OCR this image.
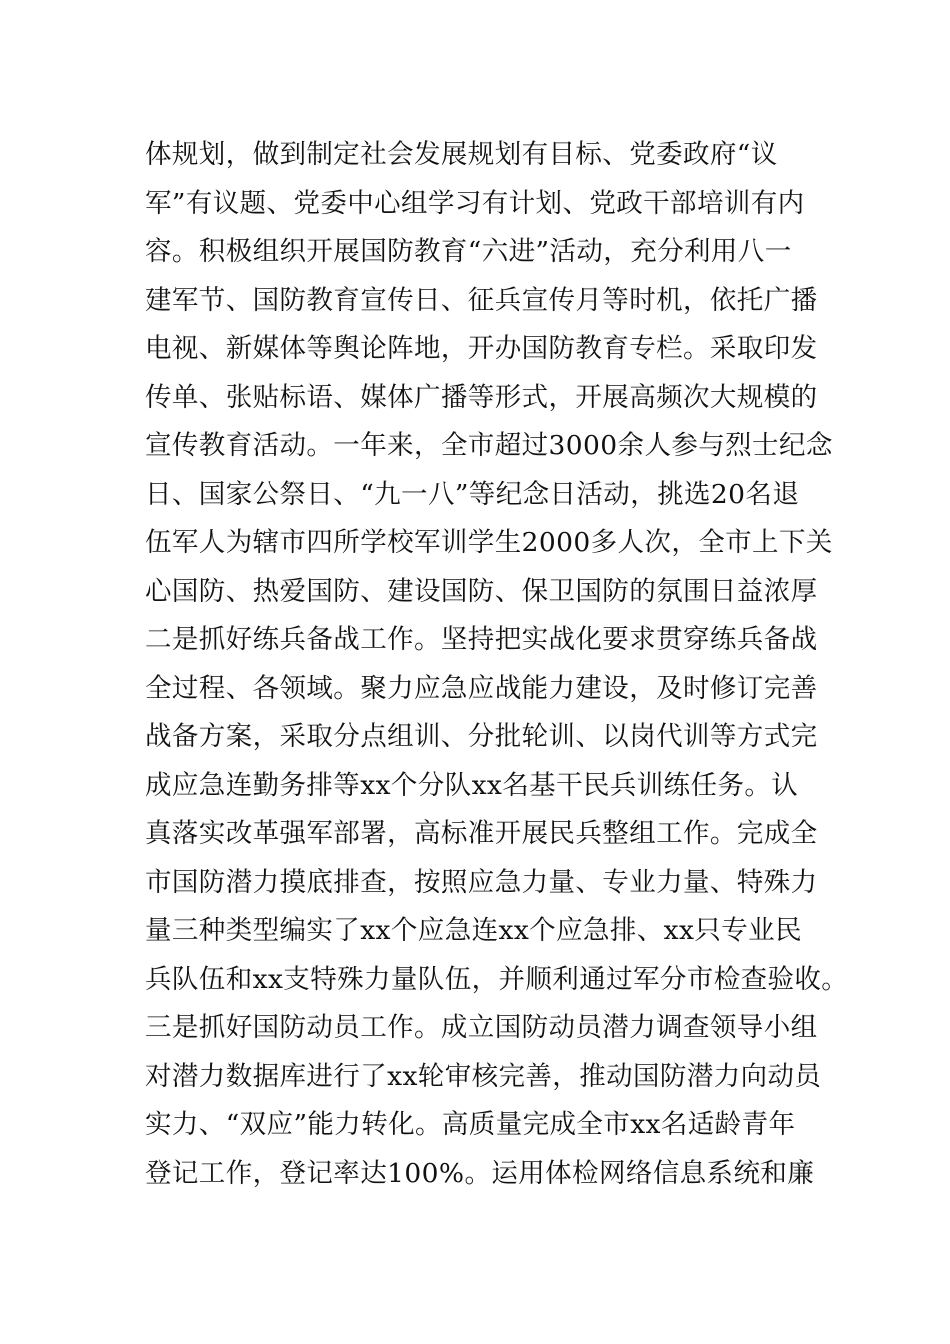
体规划，做到制定社会发展规划有目标、党委政府“议
军”有议题、党委中心组学习有计划、党政干部培训有内
容。积极组织开展国防教育“六进”活动，充分利用八一
建军节、国防教育宣传日、征兵宣传月等时机，依托广播
电视、新媒体等舆论阵地，开办国防教育专栏。采取印发
传单、张贴标语、媒体广播等形式，开展高频次大规模的
宣传教育活动。一年来，全市超过3000余人参与烈士纪念
日、国家公祭日、“九一八”等纪念日活动，挑选20名退
伍军人为辖市四所学校军训学生2000多人次，全市上下关
心国防、热爱国防、建设国防、保卫国防的氛围日益浓厚
二是抓好练兵备战工作。坚持把实战化要求贯穿练兵备战
全过程、各领域。聚力应急应战能力建设，及时修订完善
战备方案，采取分点组训、分批轮训、以岗代训等方式完
成应急连勤务排等xx个分队xx名基干民兵训练任务。认
真落实改革强军部署，高标准开展民兵整组工作。完成全
市国防潜力摸底排查，按照应急力量、专业力量、特殊力
量三种类型编实了xx个应急连xx个应急排、xx只专业民
兵队伍和xx支特殊力量队伍，并顺利通过军分市检查验收。
三是抓好国防动员工作。成立国防动员潜力调查领导小组
对潜力数据库进行了xx轮审核完善，推动国防潜力向动员
实力、“双应”能力转化。高质量完成全市xx名适龄青年
登记工作，登记率达100%。运用体检网络信息系统和廉
